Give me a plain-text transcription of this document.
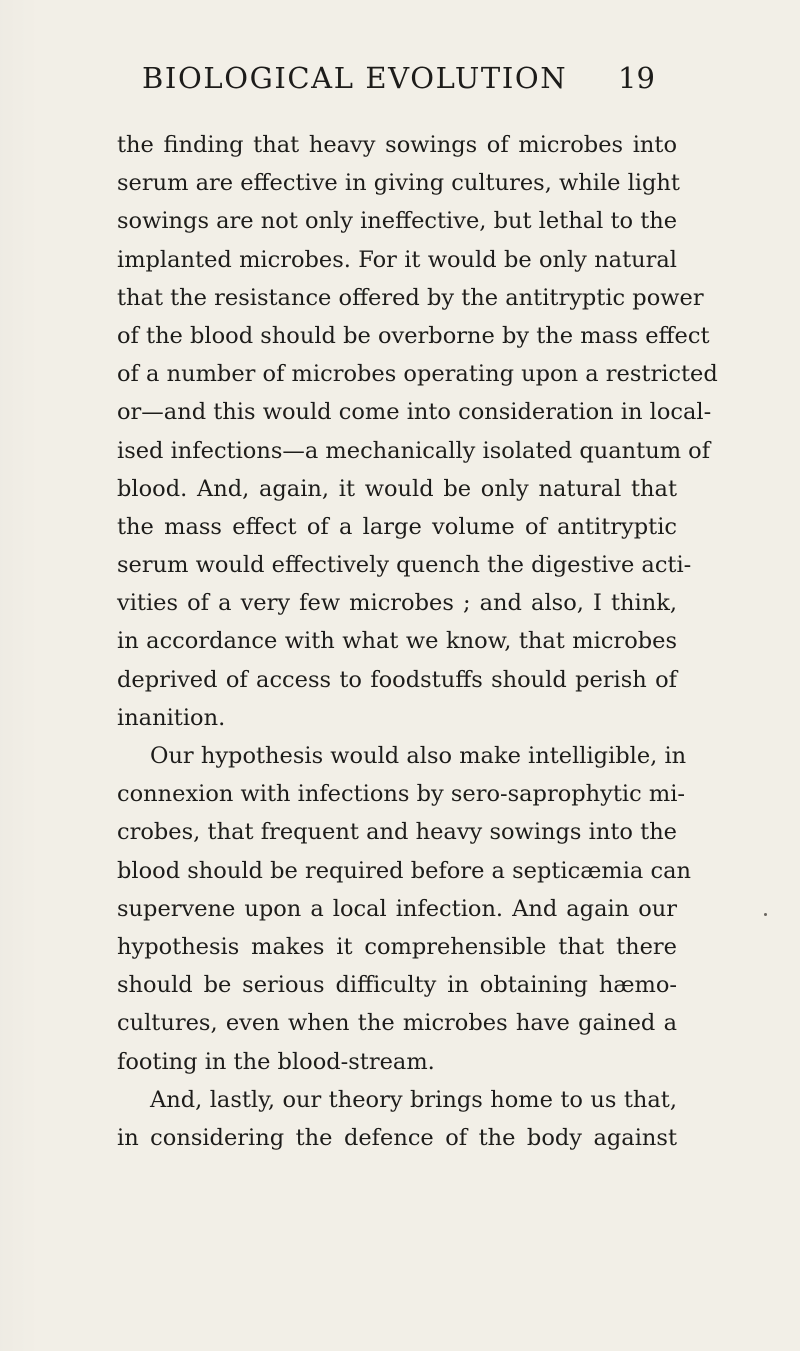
BIOLOGICAL EVOLUTION 19
the finding that heavy sowings of microbes into
serum are effective in giving cultures, while light
sowings are not only ineffective, but lethal to the
implanted microbes. For it would be only natural
that the resistance offered by the antitryptic power
of the blood should be overborne by the mass effect
of a number of microbes operating upon a restricted
or—and this would come into consideration in local-
ised infections—a mechanically isolated quantum of
blood. And, again, it would be only natural that
the mass effect of a large volume of antitryptic
serum would effectively quench the digestive acti-
vities of a very few microbes ; and also, I think,
in accordance with what we know, that microbes
deprived of access to foodstuffs should perish of
inanition.
Our hypothesis would also make intelligible, in
connexion with infections by sero-saprophytic mi-
crobes, that frequent and heavy sowings into the
blood should be required before a septicæmia can
supervene upon a local infection. And again our
hypothesis makes it comprehensible that there
should be serious difficulty in obtaining hæmo-
cultures, even when the microbes have gained a
footing in the blood-stream.
And, lastly, our theory brings home to us that,
in considering the defence of the body against
